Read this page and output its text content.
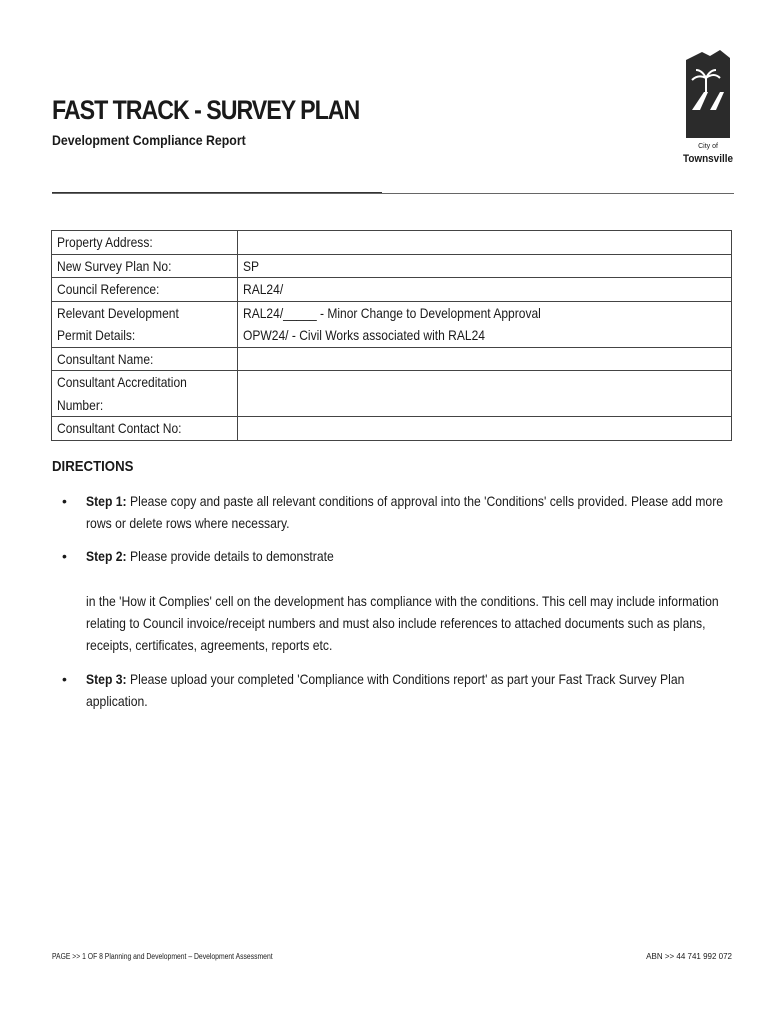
FAST TRACK - SURVEY PLAN
Development Compliance Report	City of
Townsville
Property Address:	
New Survey Plan No:	SP
Council Reference:	RAL24/
Relevant Development Permit Details:	RAL24/_____ - Minor Change to Development Approval
OPW24/ - Civil Works associated with RAL24

Consultant Name:	
Consultant Accreditation Number:	
Consultant Contact No:	
DIRECTIONS
• Step 1: Please copy and paste all relevant conditions of approval into the 'Conditions' cells provided. Please add more rows or delete rows where necessary.
• Step 2: Please provide details to demonstrate
in the 'How it Complies' cell on the development has compliance with the conditions. This cell may include information relating to Council invoice/receipt numbers and must also include references to attached documents such as plans, receipts, certificates, agreements, reports etc.
• Step 3: Please upload your completed 'Compliance with Conditions report' as part your Fast Track Survey Plan application.
PAGE >> 1 OF 8 Planning and Development – Development Assessment	ABN >> 44 741 992 072
